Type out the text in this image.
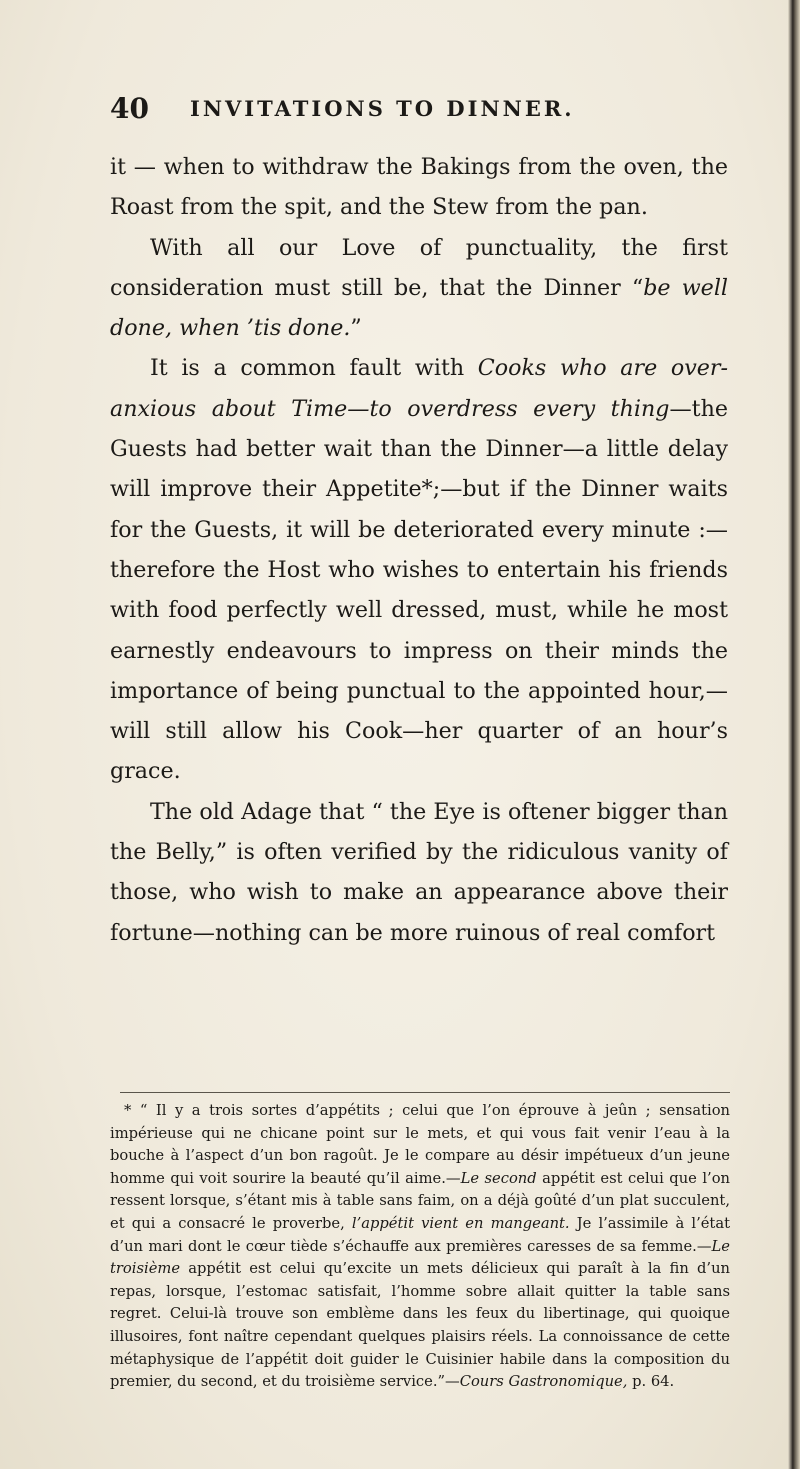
40 INVITATIONS TO DINNER.

it — when to withdraw the Bakings from the oven, the Roast from the spit, and the Stew from the pan.

With all our Love of punctuality, the first consideration must still be, that the Dinner “be well done, when ’tis done.”

It is a common fault with Cooks who are over-anxious about Time—to overdress every thing—the Guests had better wait than the Dinner—a little delay will improve their Appetite*;—but if the Dinner waits for the Guests, it will be deteriorated every minute :—therefore the Host who wishes to entertain his friends with food perfectly well dressed, must, while he most earnestly endeavours to impress on their minds the importance of being punctual to the appointed hour,— will still allow his Cook—her quarter of an hour’s grace.

The old Adage that “ the Eye is oftener bigger than the Belly,” is often verified by the ridiculous vanity of those, who wish to make an appearance above their fortune—nothing can be more ruinous of real comfort

* “ Il y a trois sortes d’appétits ; celui que l’on éprouve à jeûn ; sensation impérieuse qui ne chicane point sur le mets, et qui vous fait venir l’eau à la bouche à l’aspect d’un bon ragoût. Je le compare au désir impétueux d’un jeune homme qui voit sourire la beauté qu’il aime.—Le second appétit est celui que l’on ressent lorsque, s’étant mis à table sans faim, on a déjà goûté d’un plat succulent, et qui a consacré le proverbe, l’appétit vient en mangeant. Je l’assimile à l’état d’un mari dont le cœur tiède s’échauffe aux premières caresses de sa femme.—Le troisième appétit est celui qu’excite un mets délicieux qui paraît à la fin d’un repas, lorsque, l’estomac satisfait, l’homme sobre allait quitter la table sans regret. Celui-là trouve son emblème dans les feux du libertinage, qui quoique illusoires, font naître cependant quelques plaisirs réels. La connoissance de cette métaphysique de l’appétit doit guider le Cuisinier habile dans la composition du premier, du second, et du troisième service.”—Cours Gastronomique, p. 64.
